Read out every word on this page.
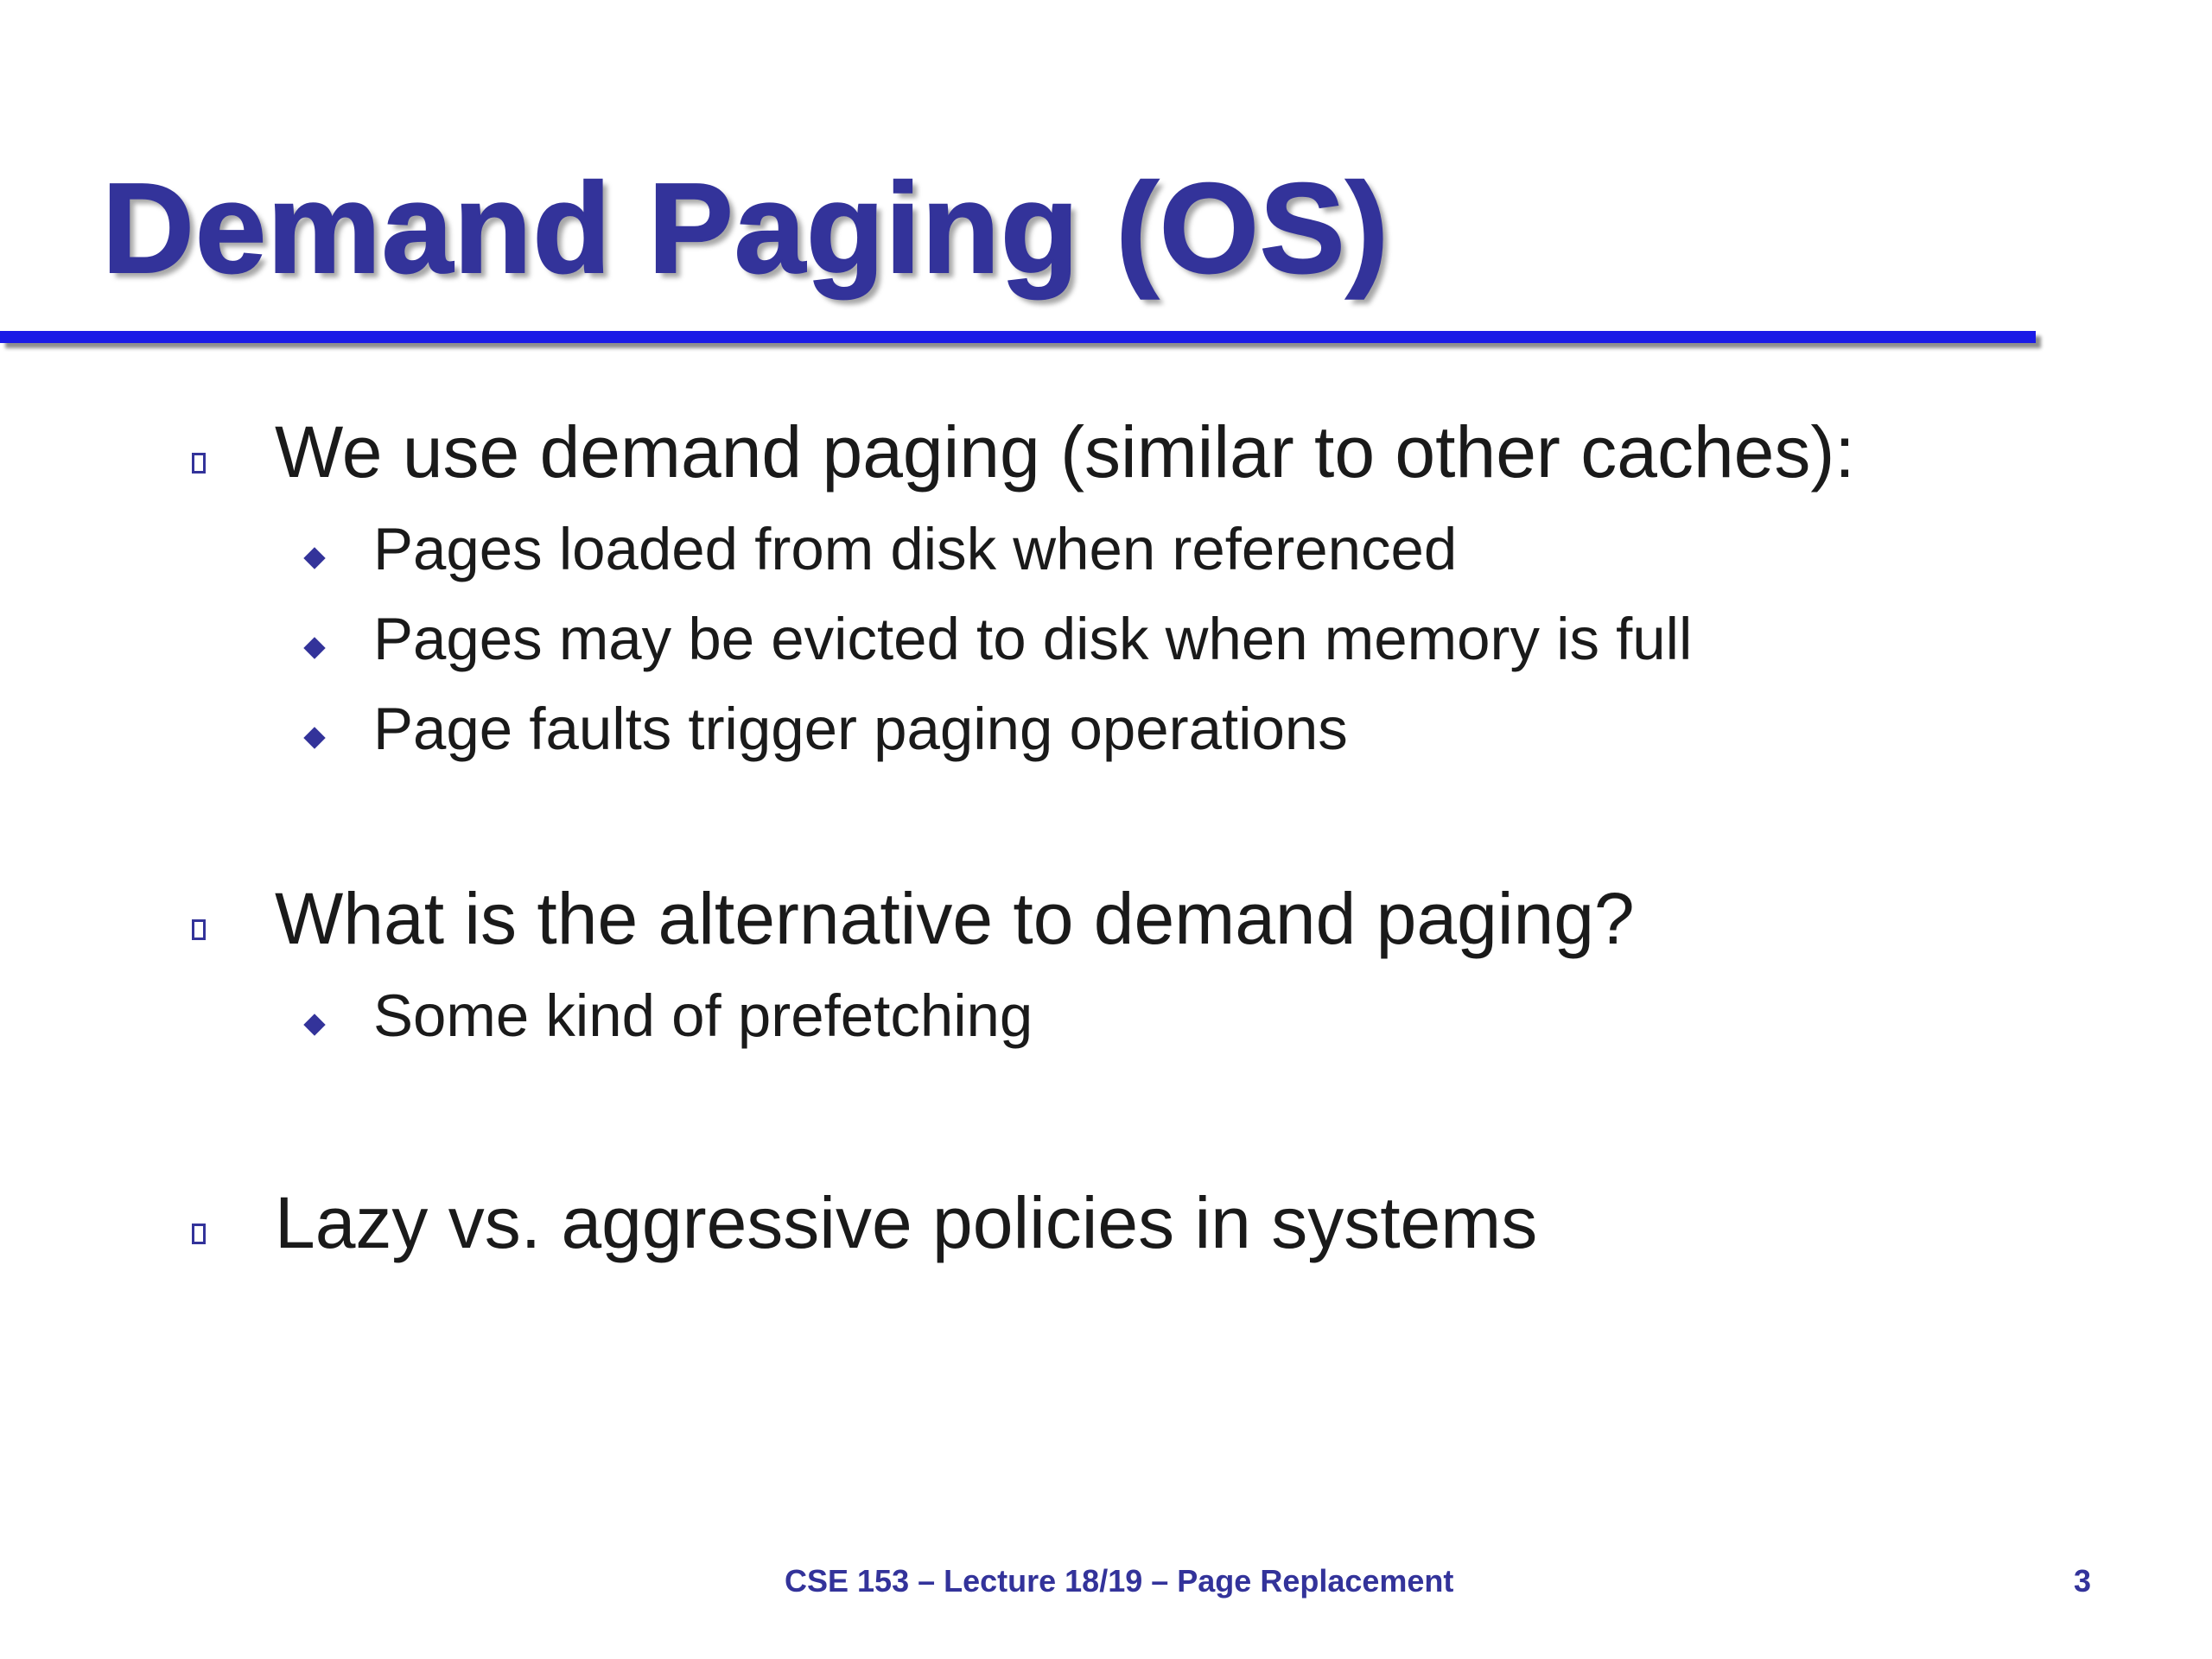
Demand Paging (OS)
We use demand paging (similar to other caches):
Pages loaded from disk when referenced
Pages may be evicted to disk when memory is full
Page faults trigger paging operations
What is the alternative to demand paging?
Some kind of prefetching
Lazy vs. aggressive policies in systems
CSE 153 – Lecture 18/19 – Page Replacement	3
